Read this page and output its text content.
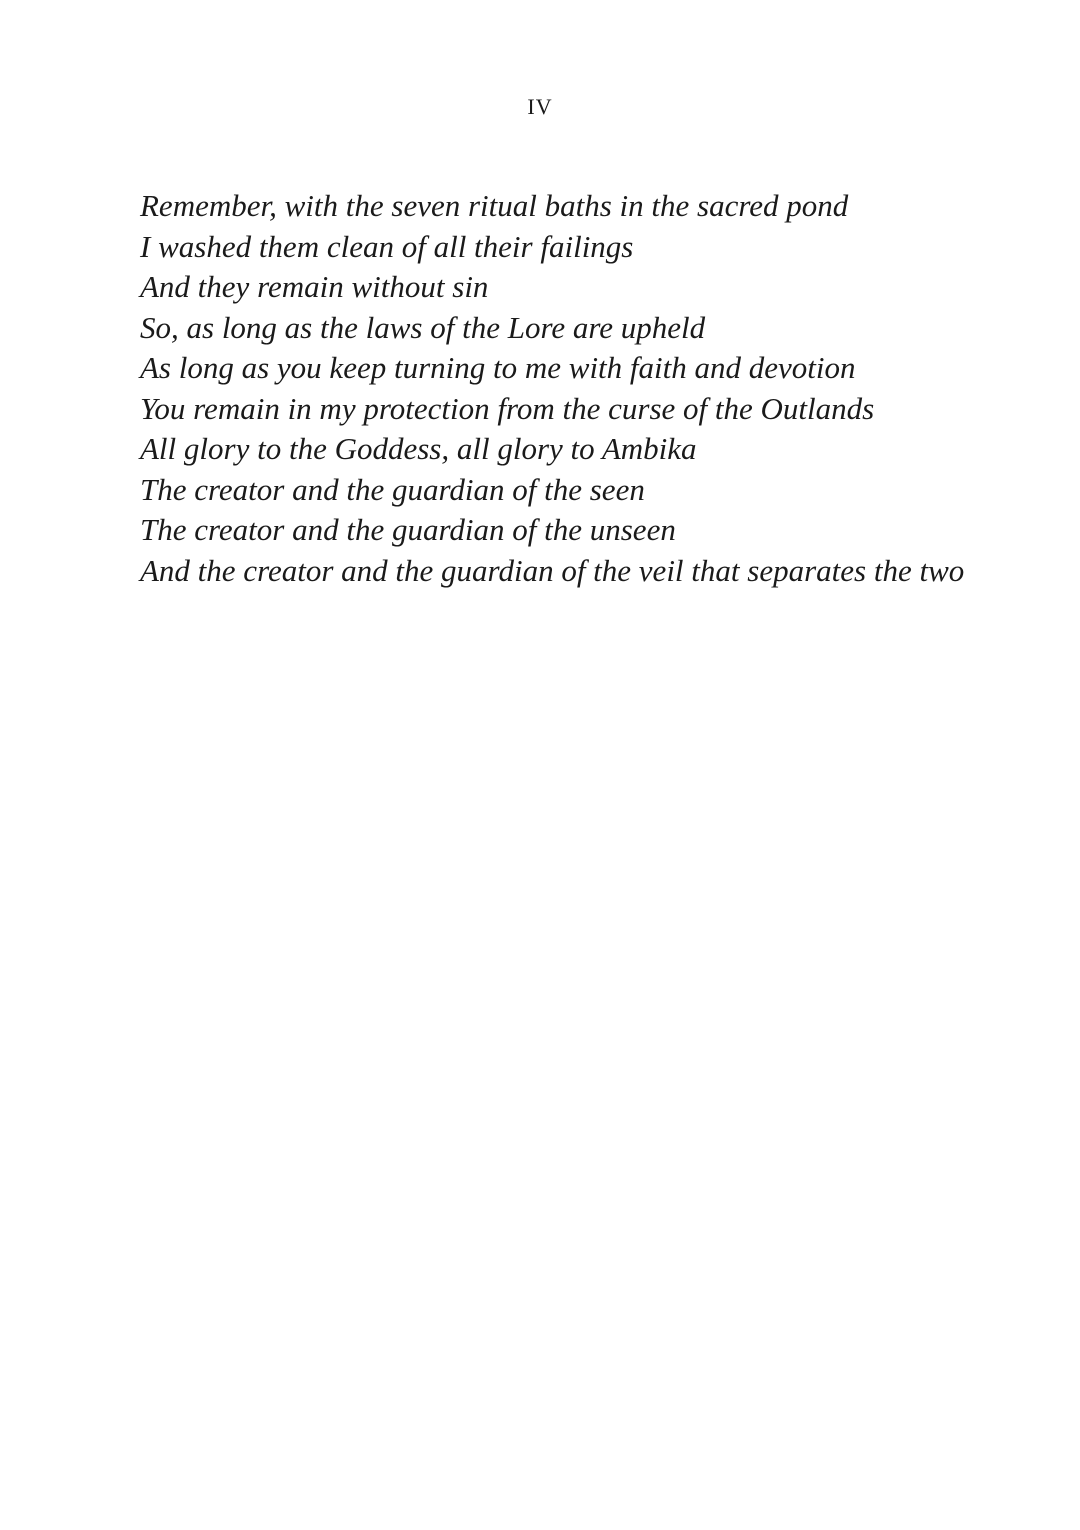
IV
Remember, with the seven ritual baths in the sacred pond
I washed them clean of all their failings
And they remain without sin
So, as long as the laws of the Lore are upheld
As long as you keep turning to me with faith and devotion
You remain in my protection from the curse of the Outlands
All glory to the Goddess, all glory to Ambika
The creator and the guardian of the seen
The creator and the guardian of the unseen
And the creator and the guardian of the veil that separates the two
